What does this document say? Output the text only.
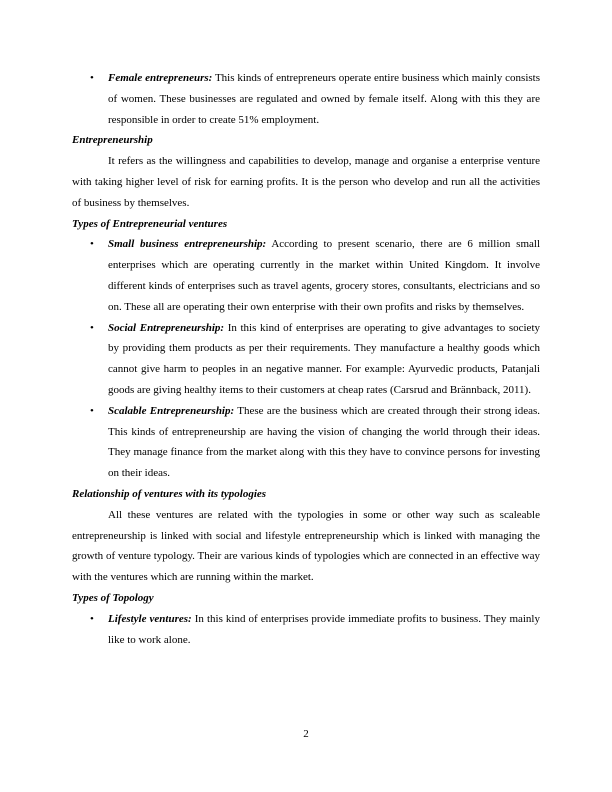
• Female entrepreneurs: This kinds of entrepreneurs operate entire business which mainly consists of women. These businesses are regulated and owned by female itself. Along with this they are responsible in order to create 51% employment.

Entrepreneurship

It refers as the willingness and capabilities to develop, manage and organise a enterprise venture with taking higher level of risk for earning profits. It is the person who develop and run all the activities of business by themselves.

Types of Entrepreneurial ventures

• Small business entrepreneurship: According to present scenario, there are 6 million small enterprises which are operating currently in the market within United Kingdom. It involve different kinds of enterprises such as travel agents, grocery stores, consultants, electricians and so on. These all are operating their own enterprise with their own profits and risks by themselves.
• Social Entrepreneurship: In this kind of enterprises are operating to give advantages to society by providing them products as per their requirements. They manufacture a healthy goods which cannot give harm to peoples in an negative manner. For example: Ayurvedic products, Patanjali goods are giving healthy items to their customers at cheap rates (Carsrud and Brännback, 2011).
• Scalable Entrepreneurship: These are the business which are created through their strong ideas. This kinds of entrepreneurship are having the vision of changing the world through their ideas. They manage finance from the market along with this they have to convince persons for investing on their ideas.

Relationship of ventures with its typologies

All these ventures are related with the typologies in some or other way such as scaleable entrepreneurship is linked with social and lifestyle entrepreneurship which is linked with managing the growth of venture typology. Their are various kinds of typologies which are connected in an effective way with the ventures which are running within the market.

Types of Topology

• Lifestyle ventures: In this kind of enterprises provide immediate profits to business. They mainly like to work alone.
2
